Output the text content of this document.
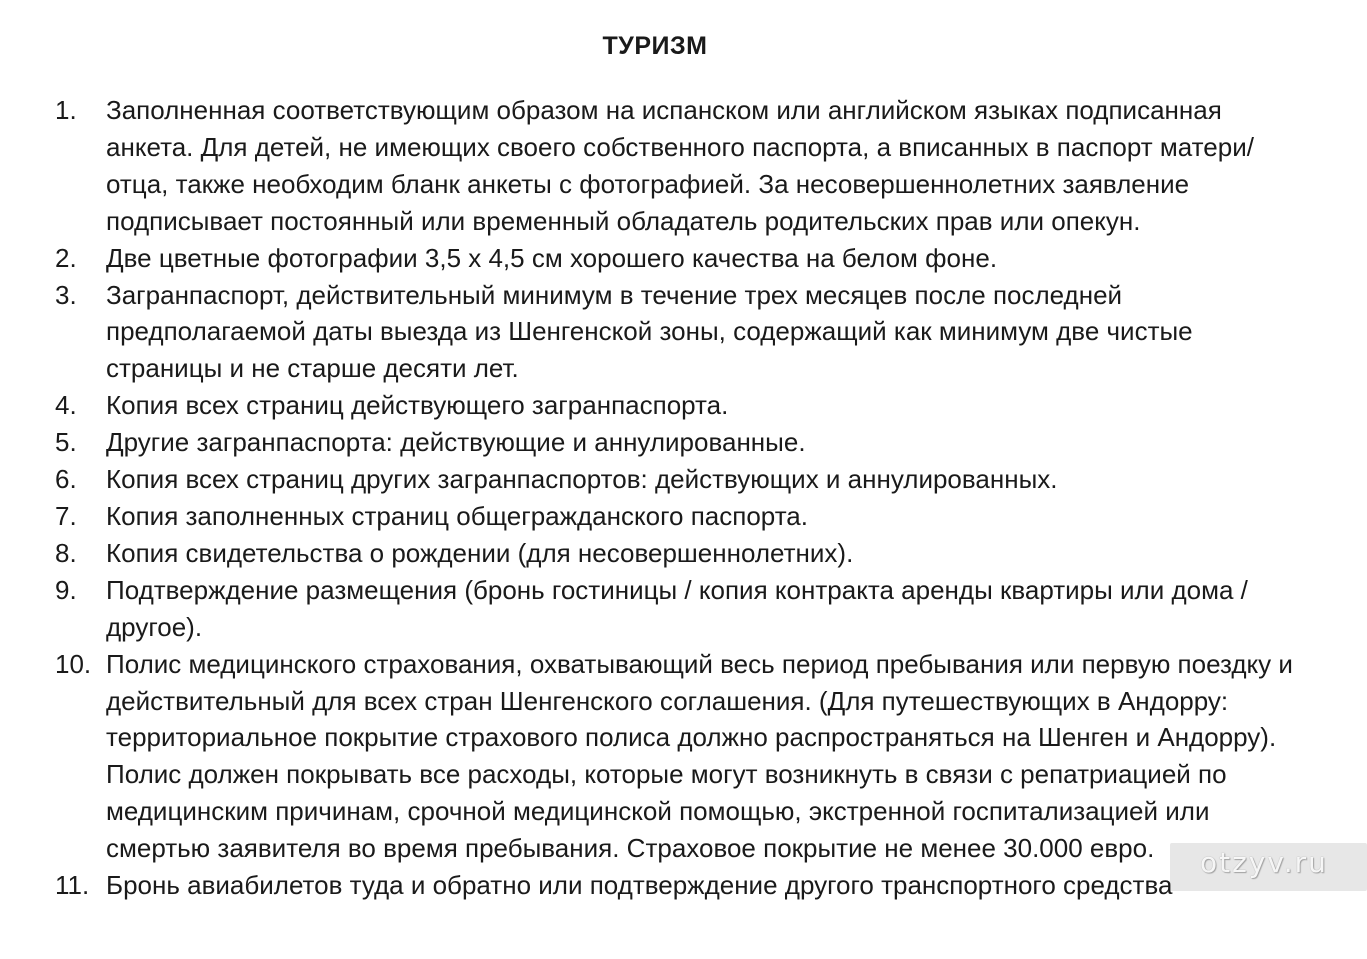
ТУРИЗМ
1. Заполненная соответствующим образом на испанском или английском языках подписанная анкета. Для детей, не имеющих своего собственного паспорта, а вписанных в паспорт матери/отца, также необходим бланк анкеты с фотографией. За несовершеннолетних заявление подписывает постоянный или временный обладатель родительских прав или опекун.
2. Две цветные фотографии 3,5 х 4,5 см хорошего качества на белом фоне.
3. Загранпаспорт, действительный минимум в течение трех месяцев после последней предполагаемой даты выезда из Шенгенской зоны, содержащий как минимум две чистые страницы и не старше десяти лет.
4. Копия всех страниц действующего загранпаспорта.
5. Другие загранпаспорта: действующие и аннулированные.
6. Копия всех страниц других загранпаспортов: действующих и аннулированных.
7. Копия заполненных страниц общегражданского паспорта.
8. Копия свидетельства о рождении (для несовершеннолетних).
9. Подтверждение размещения (бронь гостиницы / копия контракта аренды квартиры или дома / другое).
10. Полис медицинского страхования, охватывающий весь период пребывания или первую поездку и действительный для всех стран Шенгенского соглашения. (Для путешествующих в Андорру: территориальное покрытие страхового полиса должно распространяться на Шенген и Андорру). Полис должен покрывать все расходы, которые могут возникнуть в связи с репатриацией по медицинским причинам, срочной медицинской помощью, экстренной госпитализацией или смертью заявителя во время пребывания. Страховое покрытие не менее 30.000 евро.
11. Бронь авиабилетов туда и обратно или подтверждение другого транспортного средства
otzyv.ru
